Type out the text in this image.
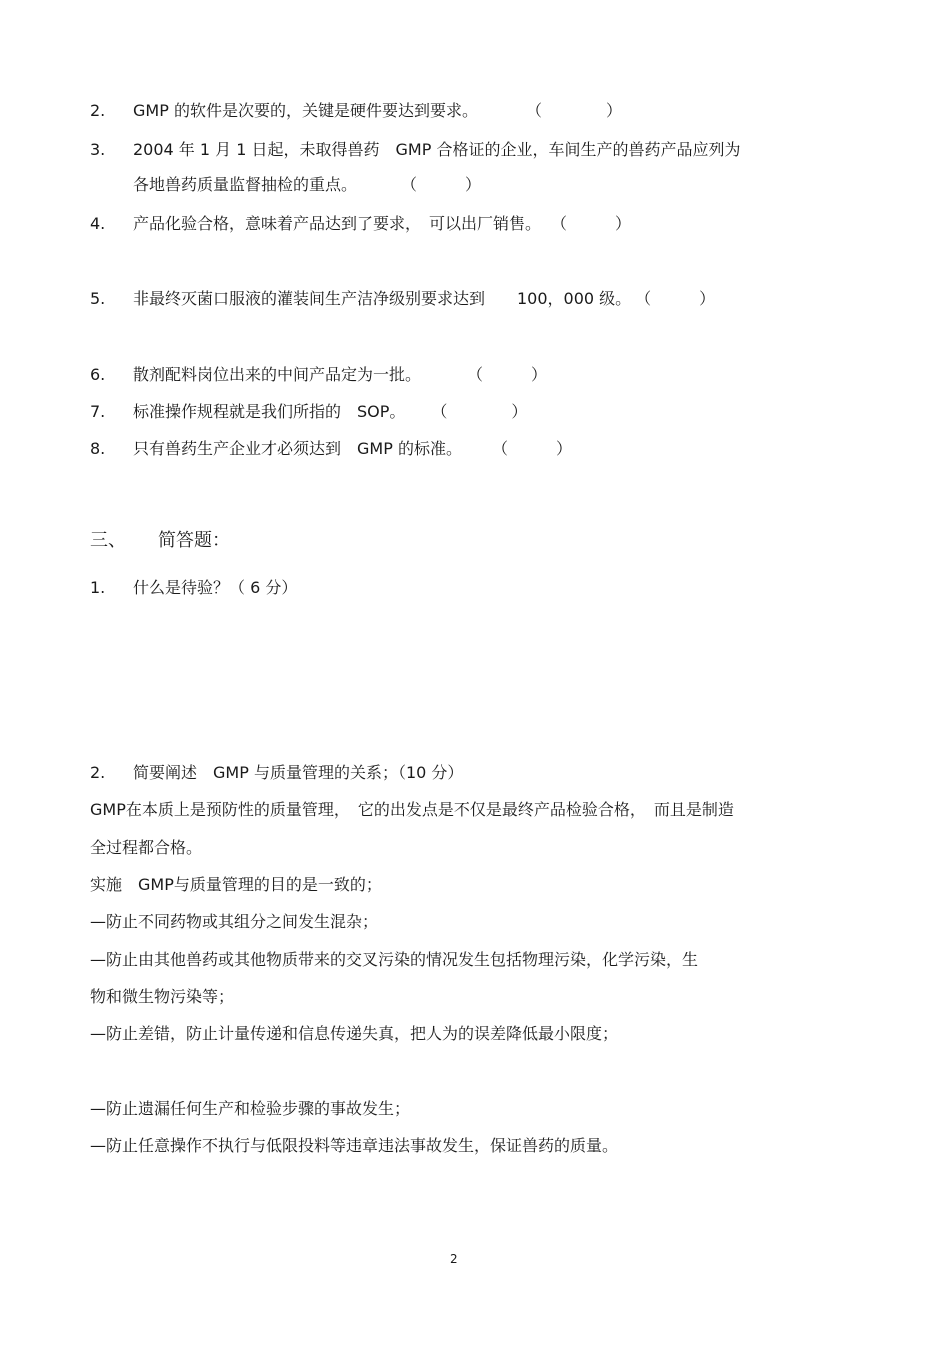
2. GMP 的软件是次要的，关键是硬件要达到要求。	（　　　　）
3. 2004 年 1 月 1 日起，未取得兽药　GMP 合格证的企业，车间生产的兽药产品应列为
各地兽药质量监督抽检的重点。	（　　　）
4. 产品化验合格，意味着产品达到了要求，　可以出厂销售。 （　　　）
5. 非最终灭菌口服液的灌装间生产洁净级别要求达到　　100，000 级。 （　　　）
6. 散剂配料岗位出来的中间产品定为一批。	（　　　）
7. 标准操作规程就是我们所指的　SOP。 （　　　　）
8. 只有兽药生产企业才必须达到　GMP 的标准。 （　　　）
三、 简答题：
1. 什么是待验？（ 6 分）
2. 简要阐述　GMP 与质量管理的关系；（10 分）
GMP在本质上是预防性的质量管理，　它的出发点是不仅是最终产品检验合格，　而且是制造
全过程都合格。
实施　GMP与质量管理的目的是一致的；
—防止不同药物或其组分之间发生混杂；
—防止由其他兽药或其他物质带来的交叉污染的情况发生包括物理污染，化学污染，生
物和微生物污染等；
—防止差错，防止计量传递和信息传递失真，把人为的误差降低最小限度；
—防止遗漏任何生产和检验步骤的事故发生；
—防止任意操作不执行与低限投料等违章违法事故发生，保证兽药的质量。
2
